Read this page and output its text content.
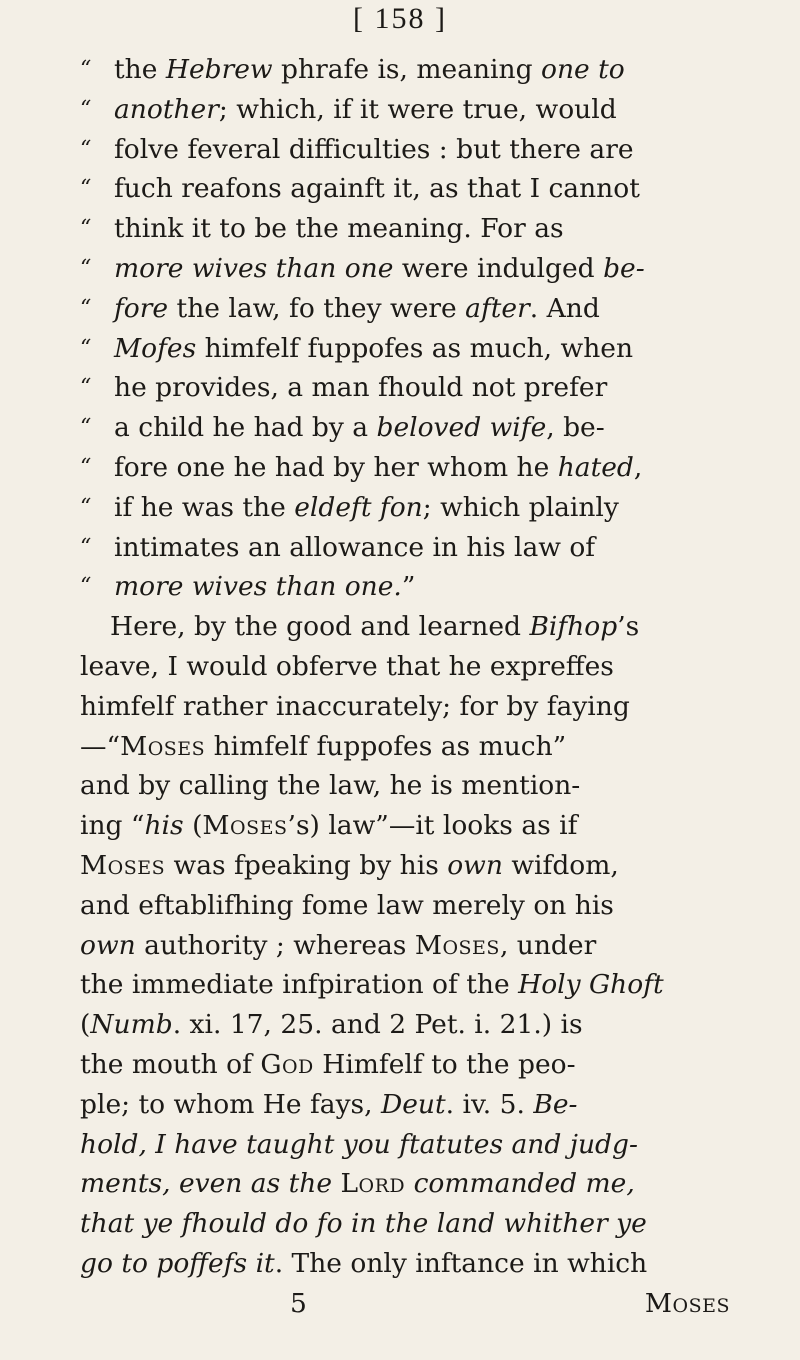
[ 158 ]
“ the Hebrew phrafe is, meaning one to
“ another; which, if it were true, would
“ folve feveral difficulties : but there are
“ fuch reafons againft it, as that I cannot
“ think it to be the meaning. For as
“ more wives than one were indulged be-
“ fore the law, fo they were after. And
“ Mofes himfelf fuppofes as much, when
“ he provides, a man fhould not prefer
“ a child he had by a beloved wife, be-
“ fore one he had by her whom he hated,
“ if he was the eldeft fon; which plainly
“ intimates an allowance in his law of
“ more wives than one.”
Here, by the good and learned Bifhop’s
leave, I would obferve that he expreffes
himfelf rather inaccurately; for by faying
—“Moses himfelf fuppofes as much”
and by calling the law, he is mention-
ing “his (Moses’s) law”—it looks as if
Moses was fpeaking by his own wifdom,
and eftablifhing fome law merely on his
own authority ; whereas Moses, under
the immediate infpiration of the Holy Ghoft
(Numb. xi. 17, 25. and 2 Pet. i. 21.) is
the mouth of God Himfelf to the peo-
ple; to whom He fays, Deut. iv. 5. Be-
hold, I have taught you ftatutes and judg-
ments, even as the Lord commanded me,
that ye fhould do fo in the land whither ye
go to poffefs it. The only inftance in which
5	Moses
